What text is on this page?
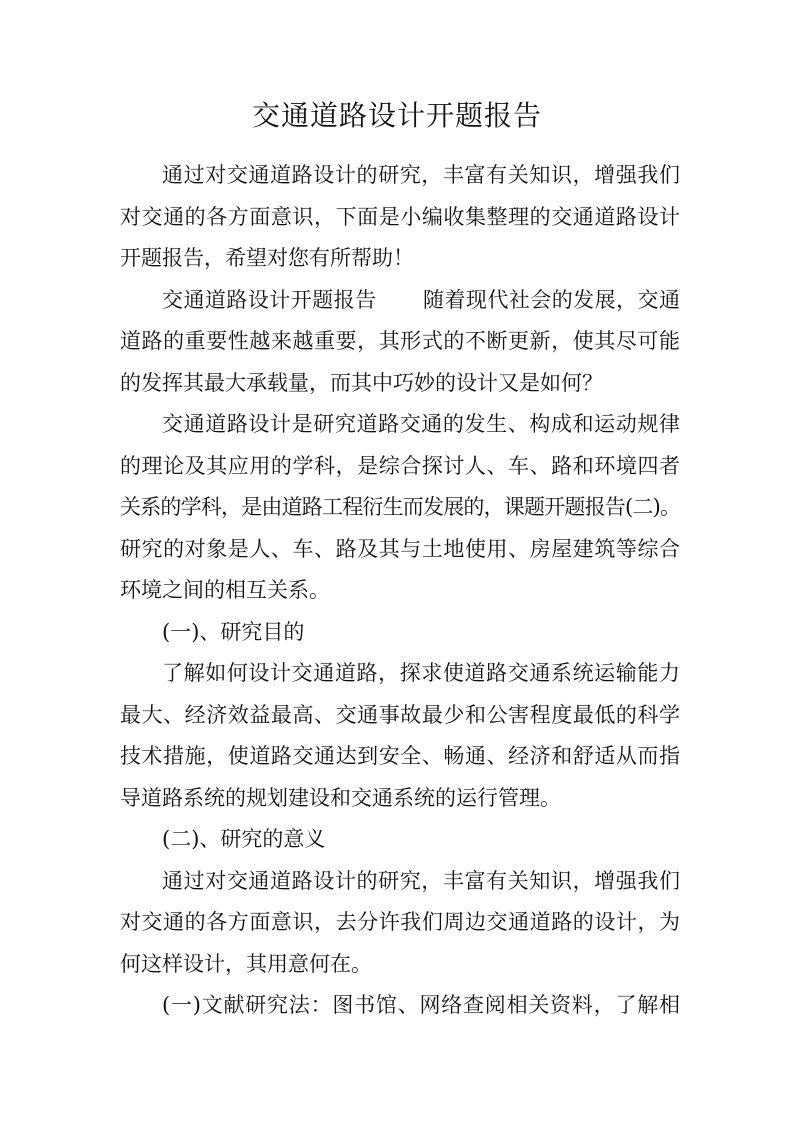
交通道路设计开题报告
通过对交通道路设计的研究，丰富有关知识，增强我们
对交通的各方面意识，下面是小编收集整理的交通道路设计
开题报告，希望对您有所帮助！
交通道路设计开题报告 随着现代社会的发展，交通
道路的重要性越来越重要，其形式的不断更新，使其尽可能
的发挥其最大承载量，而其中巧妙的设计又是如何？
交通道路设计是研究道路交通的发生、构成和运动规律
的理论及其应用的学科，是综合探讨人、车、路和环境四者
关系的学科，是由道路工程衍生而发展的，课题开题报告(二)。
研究的对象是人、车、路及其与土地使用、房屋建筑等综合
环境之间的相互关系。
(一)、研究目的
了解如何设计交通道路，探求使道路交通系统运输能力
最大、经济效益最高、交通事故最少和公害程度最低的科学
技术措施，使道路交通达到安全、畅通、经济和舒适从而指
导道路系统的规划建设和交通系统的运行管理。
(二)、研究的意义
通过对交通道路设计的研究，丰富有关知识，增强我们
对交通的各方面意识，去分许我们周边交通道路的设计，为
何这样设计，其用意何在。
(一)文献研究法：图书馆、网络查阅相关资料，了解相
